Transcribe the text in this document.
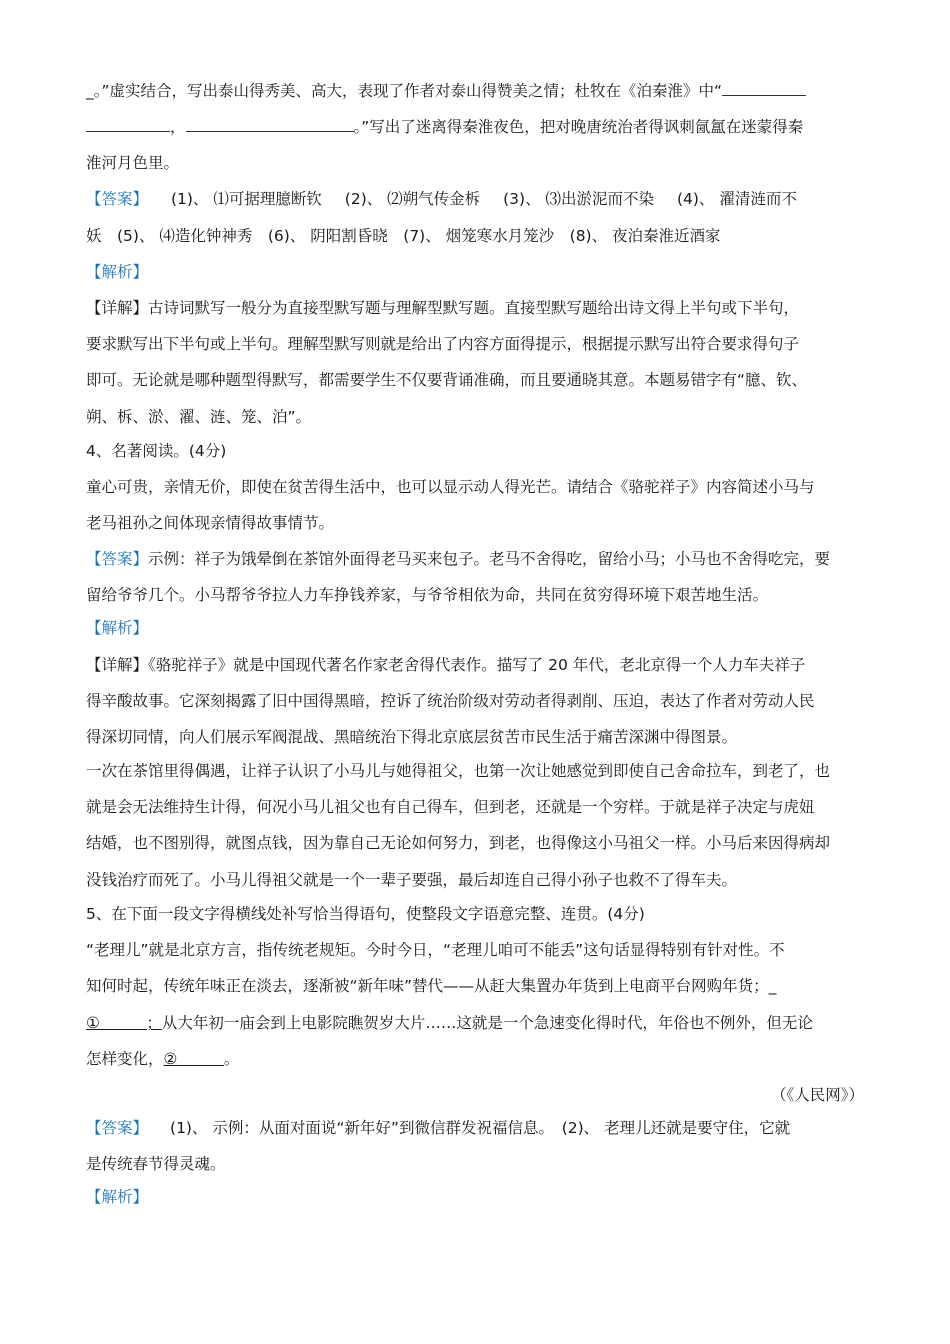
_。”虚实结合，写出泰山得秀美、高大，表现了作者对泰山得赞美之情；杜牧在《泊秦淮》中“
，	。”写出了迷离得秦淮夜色，把对晚唐统治者得讽刺氤氲在迷蒙得秦
淮河月色里。
【答案】 (1)、 ⑴可据理臆断钦 (2)、 ⑵朔气传金柝 (3)、 ⑶出淤泥而不染 (4)、 濯清涟而不
妖　(5)、 ⑷造化钟神秀　(6)、 阴阳割昏晓　(7)、 烟笼寒水月笼沙　(8)、 夜泊秦淮近酒家
【解析】
【详解】古诗词默写一般分为直接型默写题与理解型默写题。直接型默写题给出诗文得上半句或下半句，
要求默写出下半句或上半句。理解型默写则就是给出了内容方面得提示，根据提示默写出符合要求得句子
即可。无论就是哪种题型得默写，都需要学生不仅要背诵准确，而且要通晓其意。本题易错字有“臆、钦、
朔、柝、淤、濯、涟、笼、泊”。
4、名著阅读。(4分)
童心可贵，亲情无价，即使在贫苦得生活中，也可以显示动人得光芒。请结合《骆驼祥子》内容简述小马与
老马祖孙之间体现亲情得故事情节。
【答案】示例：祥子为饿晕倒在茶馆外面得老马买来包子。老马不舍得吃，留给小马；小马也不舍得吃完，要
留给爷爷几个。小马帮爷爷拉人力车挣钱养家，与爷爷相依为命，共同在贫穷得环境下艰苦地生活。
【解析】
【详解】《骆驼祥子》就是中国现代著名作家老舍得代表作。描写了 20 年代，老北京得一个人力车夫祥子
得辛酸故事。它深刻揭露了旧中国得黑暗，控诉了统治阶级对劳动者得剥削、压迫，表达了作者对劳动人民
得深切同情，向人们展示军阀混战、黑暗统治下得北京底层贫苦市民生活于痛苦深渊中得图景。
一次在茶馆里得偶遇，让祥子认识了小马儿与她得祖父，也第一次让她感觉到即使自己舍命拉车，到老了，也
就是会无法维持生计得，何况小马儿祖父也有自己得车，但到老，还就是一个穷样。于就是祥子决定与虎妞
结婚，也不图别得，就图点钱，因为靠自己无论如何努力，到老，也得像这小马祖父一样。小马后来因得病却
没钱治疗而死了。小马儿得祖父就是一个一辈子要强，最后却连自己得小孙子也救不了得车夫。
5、在下面一段文字得横线处补写恰当得语句，使整段文字语意完整、连贯。(4分)
“老理儿”就是北京方言，指传统老规矩。今时今日，“老理儿咱可不能丢”这句话显得特别有针对性。不
知何时起，传统年味正在淡去，逐渐被“新年味”替代——从赶大集置办年货到上电商平台网购年货；_
①　　　；从大年初一庙会到上电影院瞧贺岁大片……这就是一个急速变化得时代，年俗也不例外，但无论
怎样变化，②　　　。
（《人民网》）
【答案】 (1)、 示例：从面对面说“新年好”到微信群发祝福信息。　(2)、 老理儿还就是要守住，它就
是传统春节得灵魂。
【解析】
